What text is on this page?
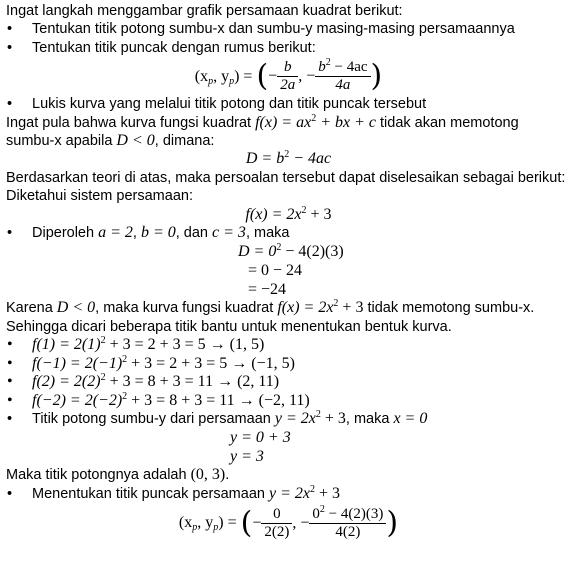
Ingat langkah menggambar grafik persamaan kuadrat berikut:
• Tentukan titik potong sumbu-x dan sumbu-y masing-masing persamaannya
• Tentukan titik puncak dengan rumus berikut:
($x_p$, $y_p$) = (− $\frac{b}{2a}$ , − $\frac{b^2 - 4ac}{4a}$ )
• Lukis kurva yang melalui titik potong dan titik puncak tersebut
Ingat pula bahwa kurva fungsi kuadrat $f(x) = ax^2$ + bx + c tidak akan memotong
sumbu-x apabila D < 0, dimana:
$D = b^2 - 4ac$
Berdasarkan teori di atas, maka persoalan tersebut dapat diselesaikan sebagai berikut:
Diketahui sistem persamaan:
$f(x) = 2x^2 + 3$
• Diperoleh a = 2, b = 0, dan c = 3, maka
$D = 0^2 - 4(2)(3)$
= 0 − 24
= −24
Karena D < 0, maka kurva fungsi kuadrat $f(x) = 2x^2 + 3$ tidak memotong sumbu-x.
Sehingga dicari beberapa titik bantu untuk menentukan bentuk kurva.
• $f(1) = 2(1)^2 + 3 = 2 + 3 = 5 \to (1$, 5)
• $f(-1) = 2(-1)^2 + 3 = 2 + 3 = 5 \to (-1$, 5)
• $f(2) = 2(2)^2 + 3 = 8 + 3 = 11 \to (2$, 11)
• $f(-2) = 2(-2)^2 + 3 = 8 + 3 = 11 \to (-2$, 11)
• Titik potong sumbu-y dari persamaan $y = 2x^2 + 3$, maka x = 0
y = 0 + 3
y = 3
Maka titik potongnya adalah (0, 3).
• Menentukan titik puncak persamaan $y = 2x^2 + 3$
($x_p$, $y_p$) = (− $\frac{0}{2(2)}$ , − $\frac{0^2 - 4(2)(3)}{4(2)}$ )
